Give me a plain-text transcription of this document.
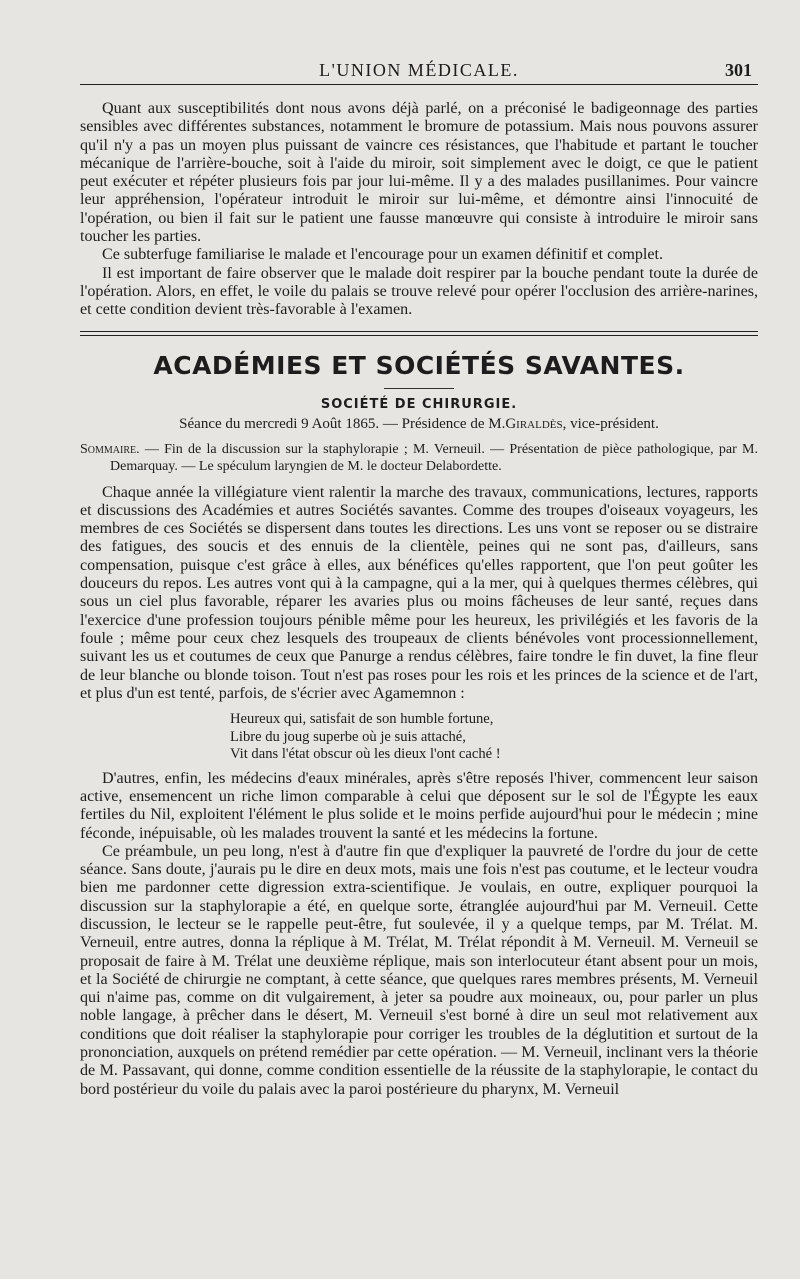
L'UNION MÉDICALE.	301

Quant aux susceptibilités dont nous avons déjà parlé, on a préconisé le badigeonnage des parties sensibles avec différentes substances, notamment le bromure de potassium. Mais nous pouvons assurer qu'il n'y a pas un moyen plus puissant de vaincre ces résistances, que l'habitude et partant le toucher mécanique de l'arrière-bouche, soit à l'aide du miroir, soit simplement avec le doigt, ce que le patient peut exécuter et répéter plusieurs fois par jour lui-même. Il y a des malades pusillanimes. Pour vaincre leur appréhension, l'opérateur introduit le miroir sur lui-même, et démontre ainsi l'innocuité de l'opération, ou bien il fait sur le patient une fausse manœuvre qui consiste à introduire le miroir sans toucher les parties.

Ce subterfuge familiarise le malade et l'encourage pour un examen définitif et complet.

Il est important de faire observer que le malade doit respirer par la bouche pendant toute la durée de l'opération. Alors, en effet, le voile du palais se trouve relevé pour opérer l'occlusion des arrière-narines, et cette condition devient très-favorable à l'examen.

ACADÉMIES ET SOCIÉTÉS SAVANTES.
SOCIÉTÉ DE CHIRURGIE.
Séance du mercredi 9 Août 1865. — Présidence de M.Giraldès, vice-président.
Sommaire. — Fin de la discussion sur la staphylorapie ; M. Verneuil. — Présentation de pièce pathologique, par M. Demarquay. — Le spéculum laryngien de M. le docteur Delabordette.

Chaque année la villégiature vient ralentir la marche des travaux, communications, lectures, rapports et discussions des Académies et autres Sociétés savantes. Comme des troupes d'oiseaux voyageurs, les membres de ces Sociétés se dispersent dans toutes les directions. Les uns vont se reposer ou se distraire des fatigues, des soucis et des ennuis de la clientèle, peines qui ne sont pas, d'ailleurs, sans compensation, puisque c'est grâce à elles, aux bénéfices qu'elles rapportent, que l'on peut goûter les douceurs du repos. Les autres vont qui à la campagne, qui a la mer, qui à quelques thermes célèbres, qui sous un ciel plus favorable, réparer les avaries plus ou moins fâcheuses de leur santé, reçues dans l'exercice d'une profession toujours pénible même pour les heureux, les privilégiés et les favoris de la foule ; même pour ceux chez lesquels des troupeaux de clients bénévoles vont processionnellement, suivant les us et coutumes de ceux que Panurge a rendus célèbres, faire tondre le fin duvet, la fine fleur de leur blanche ou blonde toison. Tout n'est pas roses pour les rois et les princes de la science et de l'art, et plus d'un est tenté, parfois, de s'écrier avec Agamemnon :

Heureux qui, satisfait de son humble fortune,
Libre du joug superbe où je suis attaché,
Vit dans l'état obscur où les dieux l'ont caché !

D'autres, enfin, les médecins d'eaux minérales, après s'être reposés l'hiver, commencent leur saison active, ensemencent un riche limon comparable à celui que déposent sur le sol de l'Égypte les eaux fertiles du Nil, exploitent l'élément le plus solide et le moins perfide aujourd'hui pour le médecin ; mine féconde, inépuisable, où les malades trouvent la santé et les médecins la fortune.

Ce préambule, un peu long, n'est à d'autre fin que d'expliquer la pauvreté de l'ordre du jour de cette séance. Sans doute, j'aurais pu le dire en deux mots, mais une fois n'est pas coutume, et le lecteur voudra bien me pardonner cette digression extra-scientifique. Je voulais, en outre, expliquer pourquoi la discussion sur la staphylorapie a été, en quelque sorte, étranglée aujourd'hui par M. Verneuil. Cette discussion, le lecteur se le rappelle peut-être, fut soulevée, il y a quelque temps, par M. Trélat. M. Verneuil, entre autres, donna la réplique à M. Trélat, M. Trélat répondit à M. Verneuil. M. Verneuil se proposait de faire à M. Trélat une deuxième réplique, mais son interlocuteur étant absent pour un mois, et la Société de chirurgie ne comptant, à cette séance, que quelques rares membres présents, M. Verneuil qui n'aime pas, comme on dit vulgairement, à jeter sa poudre aux moineaux, ou, pour parler un plus noble langage, à prêcher dans le désert, M. Verneuil s'est borné à dire un seul mot relativement aux conditions que doit réaliser la staphylorapie pour corriger les troubles de la déglutition et surtout de la prononciation, auxquels on prétend remédier par cette opération. — M. Verneuil, inclinant vers la théorie de M. Passavant, qui donne, comme condition essentielle de la réussite de la staphylorapie, le contact du bord postérieur du voile du palais avec la paroi postérieure du pharynx, M. Verneuil
